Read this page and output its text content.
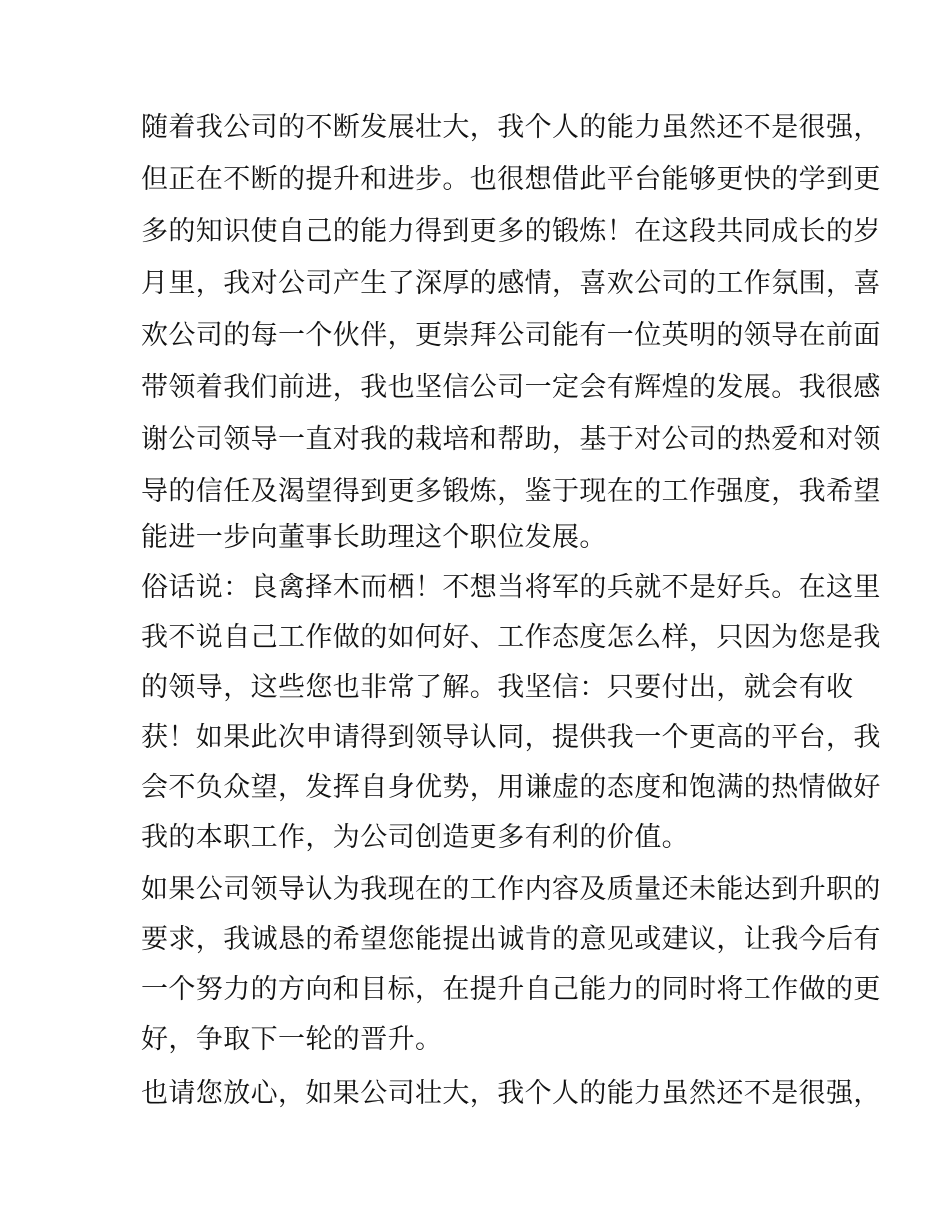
随着我公司的不断发展壮大，我个人的能力虽然还不是很强，
但正在不断的提升和进步。也很想借此平台能够更快的学到更
多的知识使自己的能力得到更多的锻炼！在这段共同成长的岁
月里，我对公司产生了深厚的感情，喜欢公司的工作氛围，喜
欢公司的每一个伙伴，更崇拜公司能有一位英明的领导在前面
带领着我们前进，我也坚信公司一定会有辉煌的发展。我很感
谢公司领导一直对我的栽培和帮助，基于对公司的热爱和对领
导的信任及渴望得到更多锻炼，鉴于现在的工作强度，我希望
能进一步向董事长助理这个职位发展。
俗话说：良禽择木而栖！不想当将军的兵就不是好兵。在这里
我不说自己工作做的如何好、工作态度怎么样，只因为您是我
的领导，这些您也非常了解。我坚信：只要付出，就会有收
获！如果此次申请得到领导认同，提供我一个更高的平台，我
会不负众望，发挥自身优势，用谦虚的态度和饱满的热情做好
我的本职工作，为公司创造更多有利的价值。
如果公司领导认为我现在的工作内容及质量还未能达到升职的
要求，我诚恳的希望您能提出诚肯的意见或建议，让我今后有
一个努力的方向和目标，在提升自己能力的同时将工作做的更
好，争取下一轮的晋升。
也请您放心，如果公司壮大，我个人的能力虽然还不是很强，
